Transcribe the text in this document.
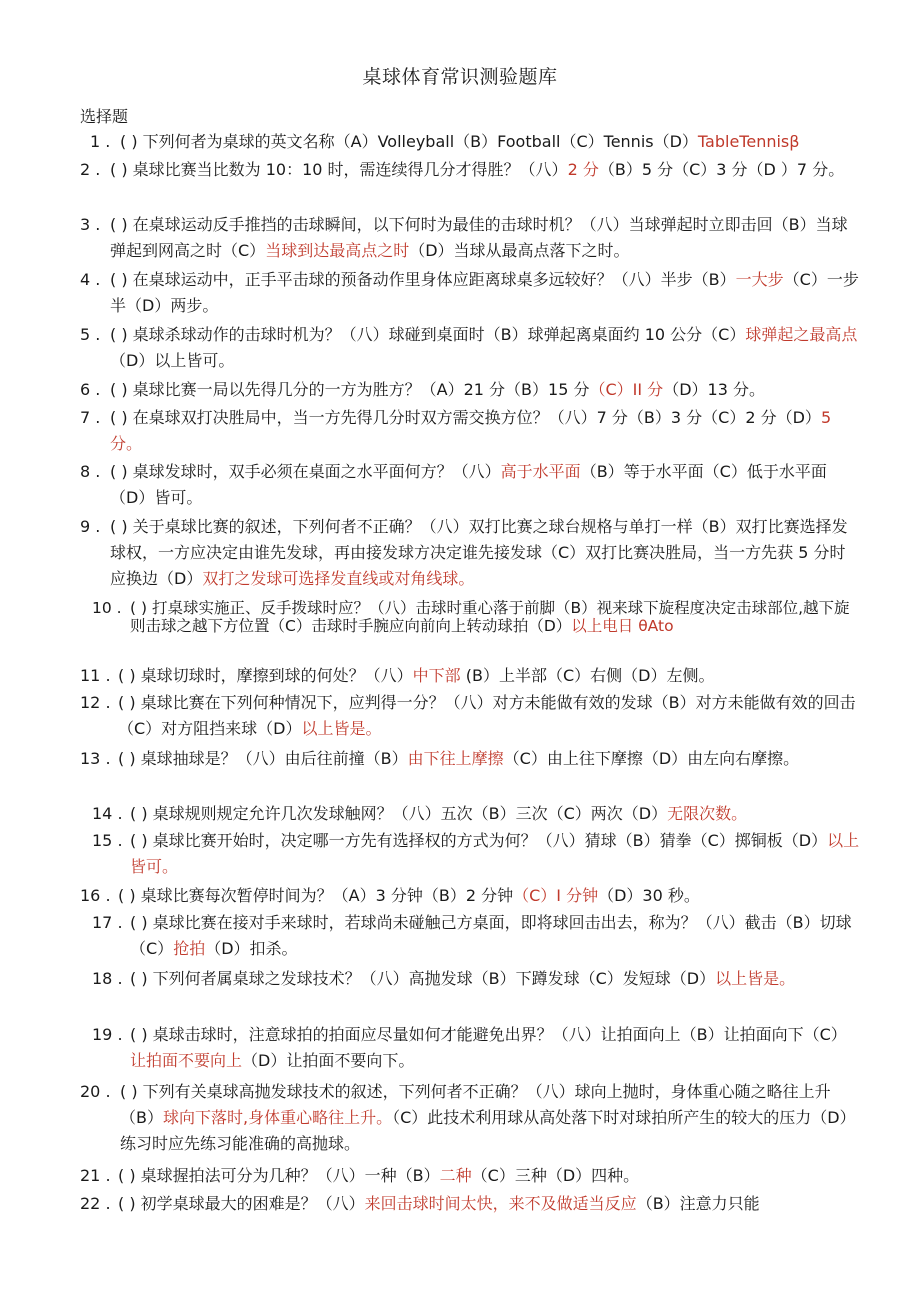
桌球体育常识测验题库
选择题
1 . ( ) 下列何者为桌球的英文名称（A）Volleyball（B）Football（C）Tennis（D）TableTennisβ
2 . ( ) 桌球比赛当比数为 10：10 时，需连续得几分才得胜？（八）2 分（B）5 分（C）3 分（D ）7 分。
3 . ( ) 在桌球运动反手推挡的击球瞬间，以下何时为最佳的击球时机？（八）当球弹起时立即击回（B）当球弹起到网高之时（C）当球到达最高点之时（D）当球从最高点落下之时。
4 . ( ) 在桌球运动中，正手平击球的预备动作里身体应距离球桌多远较好？（八）半步（B）一大步（C）一步半（D）两步。
5 . ( ) 桌球杀球动作的击球时机为？（八）球碰到桌面时（B）球弹起离桌面约 10 公分（C）球弹起之最高点（D）以上皆可。
6 . ( ) 桌球比赛一局以先得几分的一方为胜方？（A）21 分（B）15 分（C）II 分（D）13 分。
7 . ( ) 在桌球双打决胜局中，当一方先得几分时双方需交换方位？（八）7 分（B）3 分（C）2 分（D）5 分。
8 . ( ) 桌球发球时，双手必须在桌面之水平面何方？（八）高于水平面（B）等于水平面（C）低于水平面（D）皆可。
9 . ( ) 关于桌球比赛的叙述，下列何者不正确？（八）双打比赛之球台规格与单打一样（B）双打比赛选择发球权，一方应决定由谁先发球，再由接发球方决定谁先接发球（C）双打比赛决胜局，当一方先获 5 分时应换边（D）双打之发球可选择发直线或对角线球。
10 . ( ) 打桌球实施正、反手拨球时应？（八）击球时重心落于前脚（B）视来球下旋程度决定击球部位,越下旋则击球之越下方位置（C）击球时手腕应向前向上转动球拍（D）以上电日 θAto
11 . ( ) 桌球切球时，摩擦到球的何处？（八）中下部 (B）上半部（C）右侧（D）左侧。
12 . ( ) 桌球比赛在下列何种情况下，应判得一分？（八）对方未能做有效的发球（B）对方未能做有效的回击（C）对方阻挡来球（D）以上皆是。
13 . ( ) 桌球抽球是？（八）由后往前撞（B）由下往上摩擦（C）由上往下摩擦（D）由左向右摩擦。
14 . ( ) 桌球规则规定允许几次发球触网？（八）五次（B）三次（C）两次（D）无限次数。
15 . ( ) 桌球比赛开始时，决定哪一方先有选择权的方式为何？（八）猜球（B）猜拳（C）掷铜板（D）以上皆可。
16 . ( ) 桌球比赛每次暂停时间为？（A）3 分钟（B）2 分钟（C）I 分钟（D）30 秒。
17 . ( ) 桌球比赛在接对手来球时，若球尚未碰触己方桌面，即将球回击出去，称为？（八）截击（B）切球（C）抢拍（D）扣杀。
18 . ( ) 下列何者属桌球之发球技术？（八）高抛发球（B）下蹲发球（C）发短球（D）以上皆是。
19 . ( ) 桌球击球时，注意球拍的拍面应尽量如何才能避免出界？（八）让拍面向上（B）让拍面向下（C）让拍面不要向上（D）让拍面不要向下。
20 . ( ) 下列有关桌球高抛发球技术的叙述，下列何者不正确？（八）球向上抛时，身体重心随之略往上升（B）球向下落时,身体重心略往上升。（C）此技术利用球从高处落下时对球拍所产生的较大的压力（D）练习时应先练习能准确的高抛球。
21 . ( ) 桌球握拍法可分为几种？（八）一种（B）二种（C）三种（D）四种。
22 . ( ) 初学桌球最大的困难是？（八）来回击球时间太快，来不及做适当反应（B）注意力只能
